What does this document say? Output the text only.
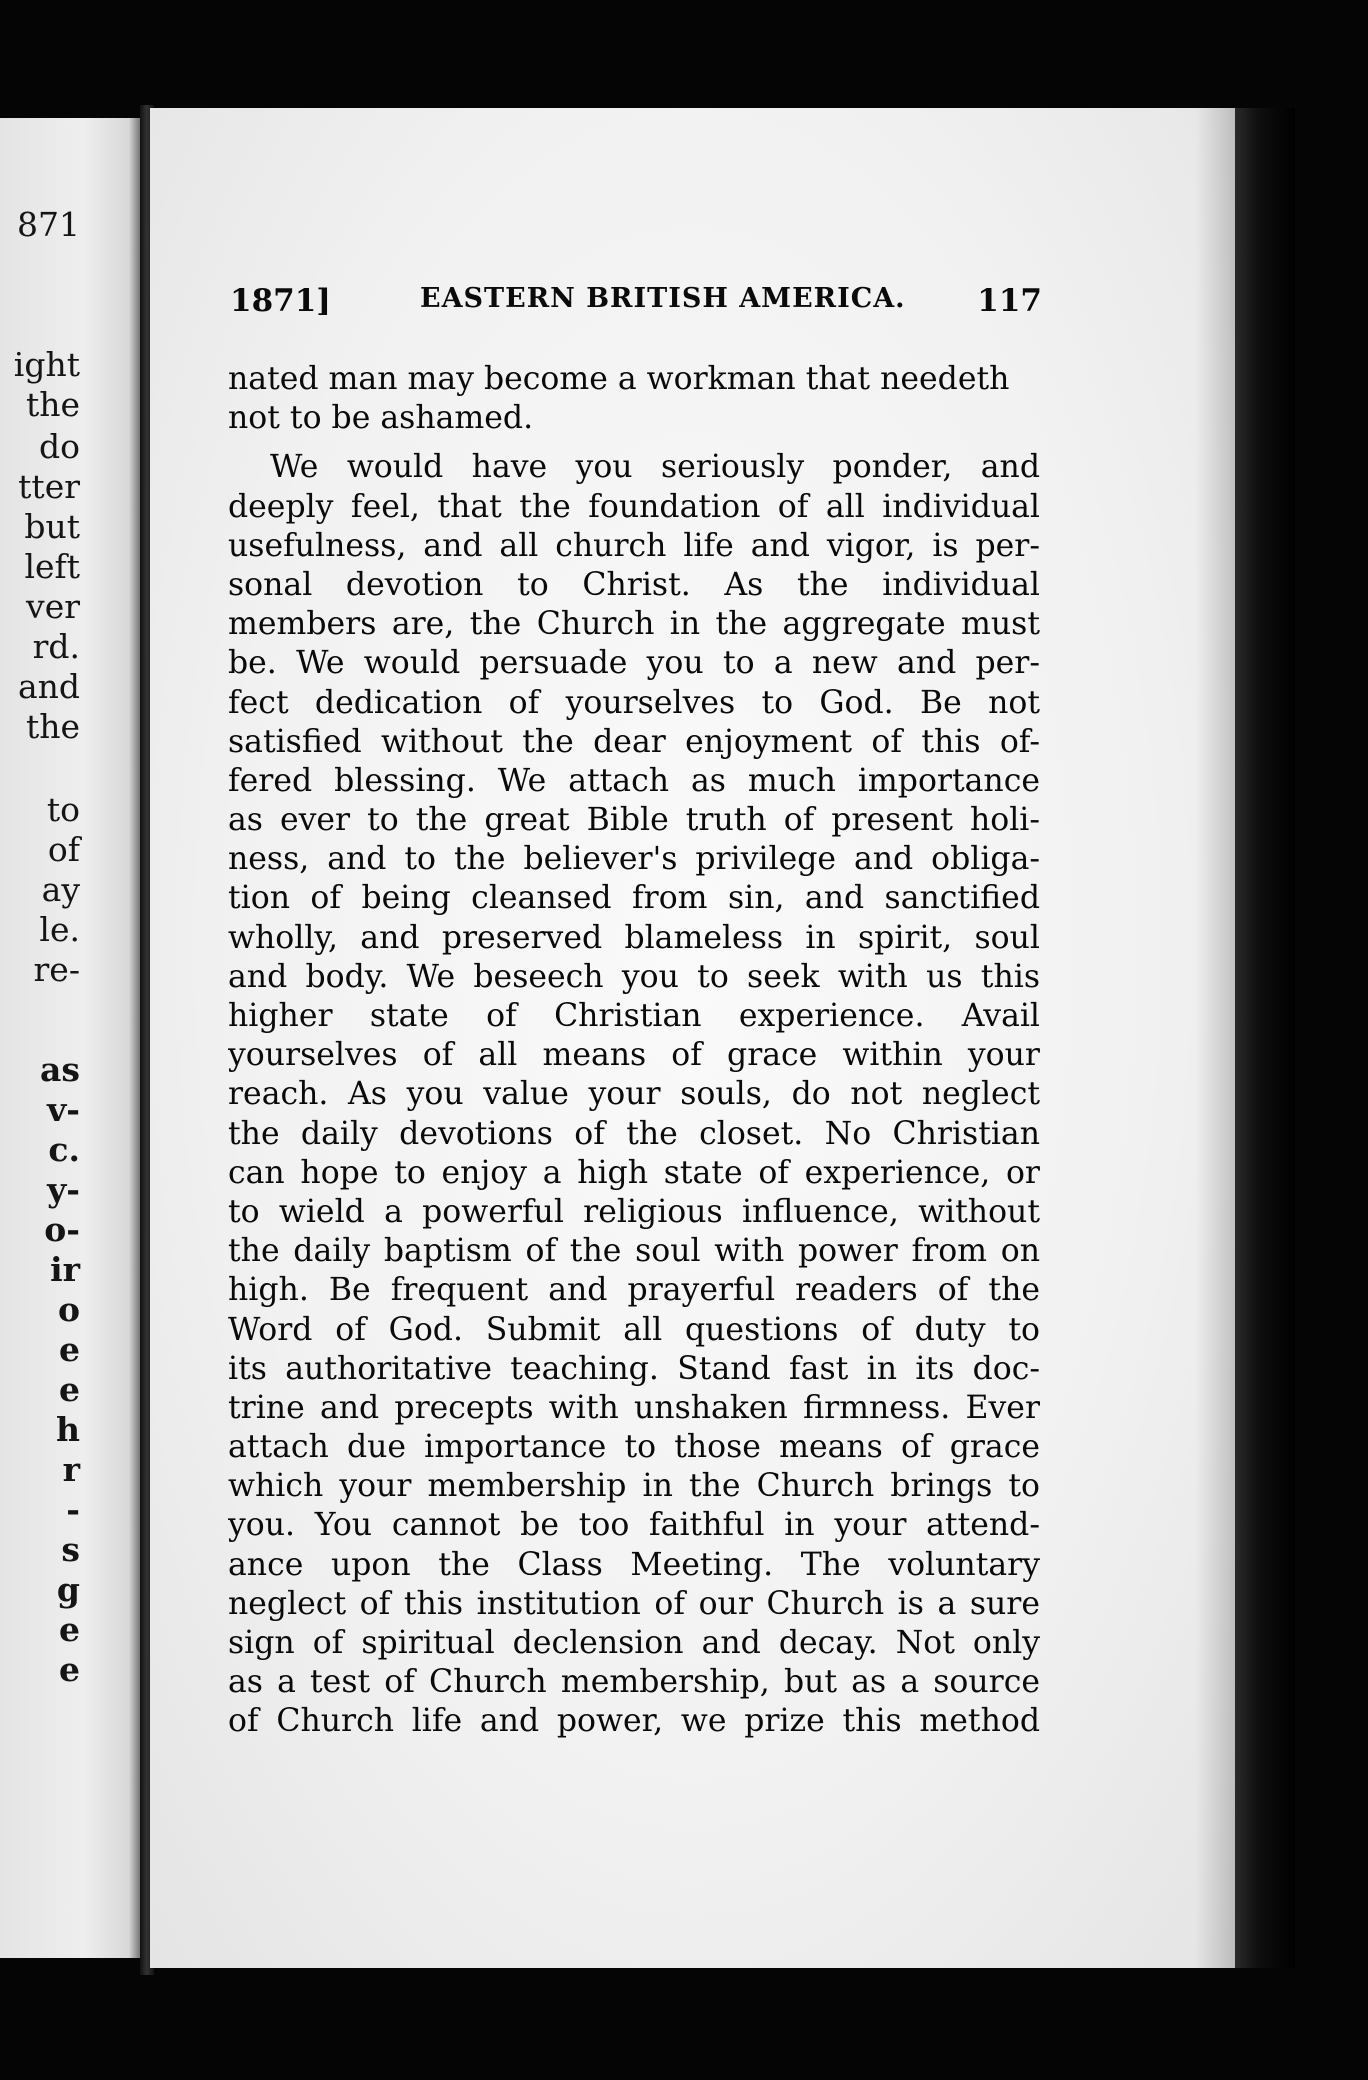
871
ight
the
do
tter
but
left
ver
rd.
and
the
to
of
ay
le.
re-
as
v-
c.
y-
o-
ir
o
e
e
h
r
-
s
g
e
e
1871]	EASTERN BRITISH AMERICA. 117
nated man may become a workman that needeth
not to be ashamed.
We would have you seriously ponder, and
deeply feel, that the foundation of all individual
usefulness, and all church life and vigor, is per-
sonal devotion to Christ. As the individual
members are, the Church in the aggregate must
be. We would persuade you to a new and per-
fect dedication of yourselves to God. Be not
satisfied without the dear enjoyment of this of-
fered blessing. We attach as much importance
as ever to the great Bible truth of present holi-
ness, and to the believer's privilege and obliga-
tion of being cleansed from sin, and sanctified
wholly, and preserved blameless in spirit, soul
and body. We beseech you to seek with us this
higher state of Christian experience. Avail
yourselves of all means of grace within your
reach. As you value your souls, do not neglect
the daily devotions of the closet. No Christian
can hope to enjoy a high state of experience, or
to wield a powerful religious influence, without
the daily baptism of the soul with power from on
high. Be frequent and prayerful readers of the
Word of God. Submit all questions of duty to
its authoritative teaching. Stand fast in its doc-
trine and precepts with unshaken firmness. Ever
attach due importance to those means of grace
which your membership in the Church brings to
you. You cannot be too faithful in your attend-
ance upon the Class Meeting. The voluntary
neglect of this institution of our Church is a sure
sign of spiritual declension and decay. Not only
as a test of Church membership, but as a source
of Church life and power, we prize this method
